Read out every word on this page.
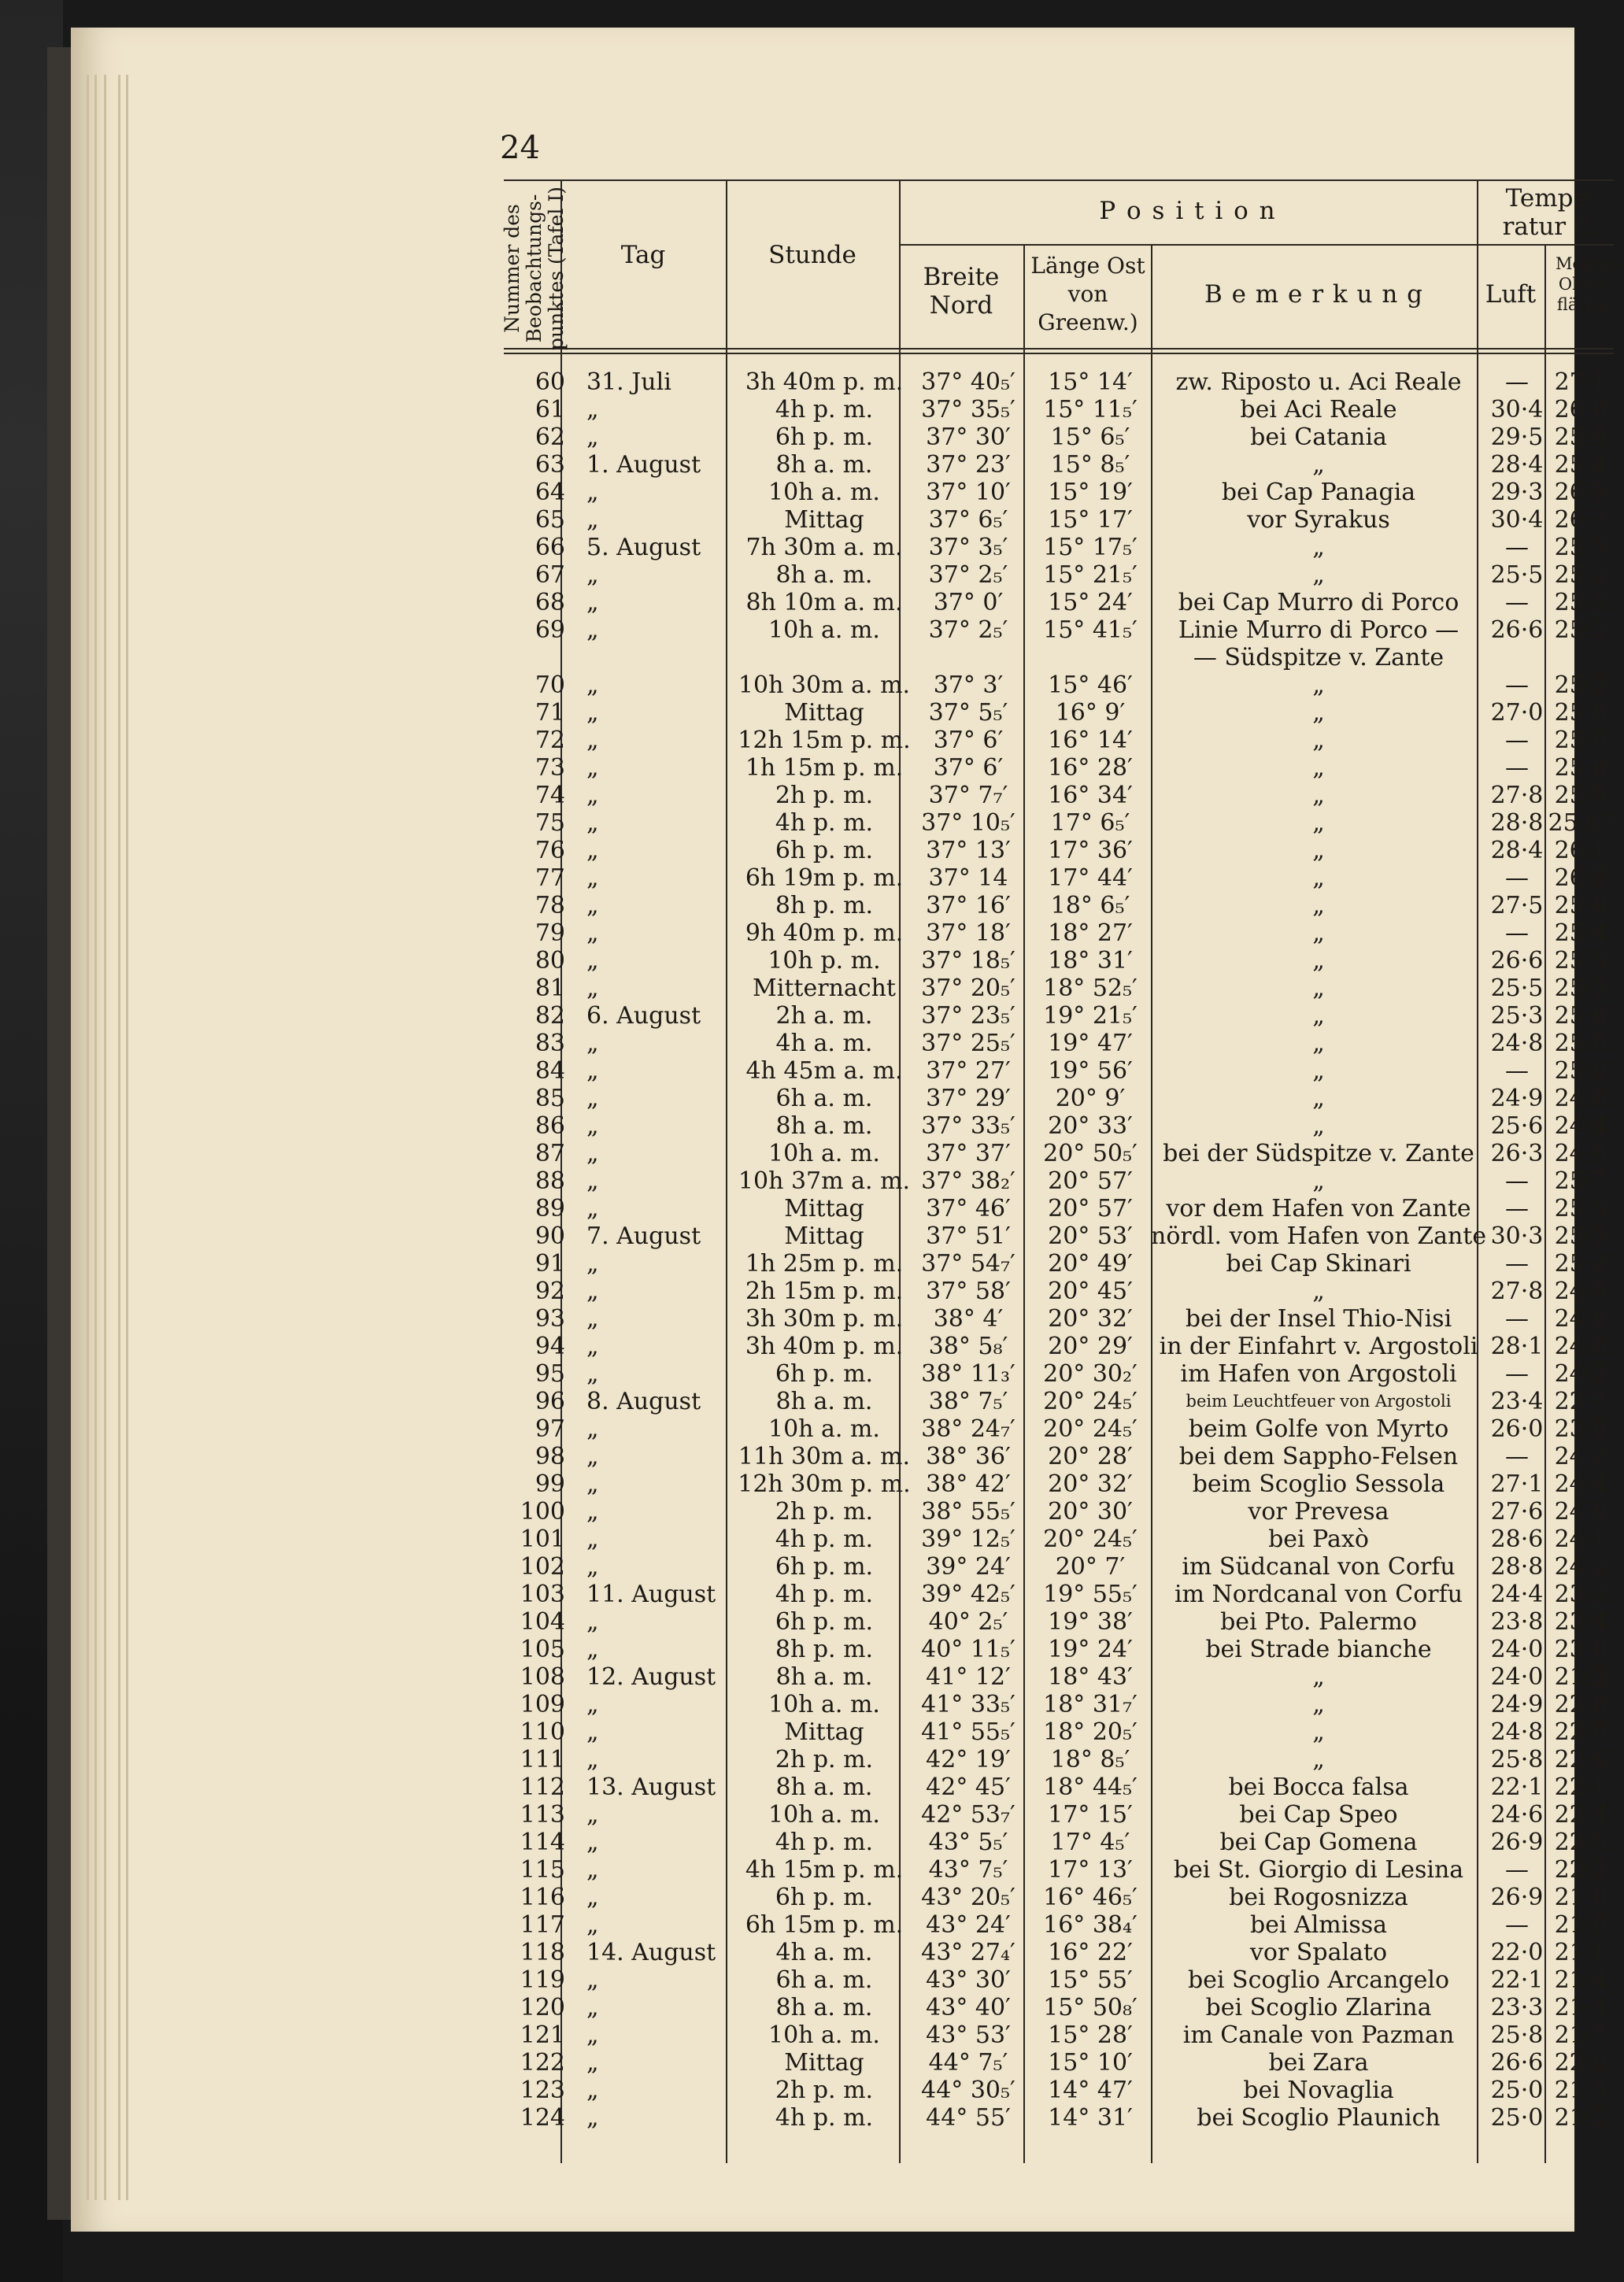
24
Nummer des Beobachtungs-punktes (Tafel I)	Tag	Stunde
P o s i t i o n
Breite Nord
Länge Ost von Greenw.)
B e m e r k u n g
Tempe-ratur C.
Luft
Meeres-Ober-fläche
60 31. Juli	3h 40m p. m. 37° 40₅′	15° 14′	zw. Riposto u. Aci Reale	—	27·1
61 „	4h p. m.	37° 35₅′	15° 11₅′	bei Aci Reale	30·4 26·8
62 „	6h p. m.	37° 30′	15° 6₅′	bei Catania	29·5 25·9
63 1. August	8h a. m.	37° 23′	15° 8₅′	„	28·4 25·4
64 „	10h a. m.	37° 10′	15° 19′	bei Cap Panagia	29·3 26·5
65 „	Mittag	37° 6₅′	15° 17′	vor Syrakus	30·4 26·7
66 5. August	7h 30m a. m.	37° 3₅′	15° 17₅′	„	—	25·3
67 „	8h a. m.	37° 2₅′	15° 21₅′	„	25·5 25·3
68 „	8h 10m a. m.	37° 0′	15° 24′	bei Cap Murro di Porco	—	25·2
69 „	10h a. m.	37° 2₅′	15° 41₅′	Linie Murro di Porco —	26·6 25·3
— Südspitze v. Zante
70 „	10h 30m a. m. 37° 3′	15° 46′	„	—	25·3
71 „	Mittag	37° 5₅′	16° 9′	„	27·0 25·6
72 „	12h 15m p. m. 37° 6′	16° 14′	„	—	25·6
73 „	1h 15m p. m.	37° 6′	16° 28′	„	—	25·8
74 „	2h p. m.	37° 7₇′	16° 34′	„	27·8 25·9
75 „	4h p. m.	37° 10₅′	17° 6₅′	„	28·8 25·6?
76 „	6h p. m.	37° 13′	17° 36′	„	28·4 26·1
77 „	6h 19m p. m.	37° 14	17° 44′	„	—	26·5
78 „	8h p. m.	37° 16′	18° 6₅′	„	27·5 25·9
79 „	9h 40m p. m. 37° 18′	18° 27′	„	—	25·4
80 „	10h p. m.	37° 18₅′	18° 31′	„	26·6 25·3
81 „	Mitternacht	37° 20₅′	18° 52₅′	„	25·5 25·3
82 6. August	2h a. m.	37° 23₅′	19° 21₅′	„	25·3 25·6
83 „	4h a. m.	37° 25₅′	19° 47′	„	24·8 25·0
84 „	4h 45m a. m. 37° 27′	19° 56′	„	—	25·0
85 „	6h a. m.	37° 29′	20° 9′	„	24·9 24·8
86 „	8h a. m.	37° 33₅′	20° 33′	„	25·6 24·4
87 „	10h a. m.	37° 37′	20° 50₅′	bei der Südspitze v. Zante 26·3 24·5
88 „	10h 37m a. m. 37° 38₂′	20° 57′	„	—	25·7
89 „	Mittag	37° 46′	20° 57′	vor dem Hafen von Zante	—	25·3
90 7. August	Mittag	37° 51′	20° 53′ nördl. vom Hafen von Zante 30·3 25·3
91 „	1h 25m p. m. 37° 54₇′	20° 49′	bei Cap Skinari	—	25·2
92 „	2h 15m p. m. 37° 58′	20° 45′	„	27·8 24·9
93 „	3h 30m p. m.	38° 4′	20° 32′	bei der Insel Thio-Nisi	—	24·6
94 „	3h 40m p. m.	38° 5₈′	20° 29′	in der Einfahrt v. Argostoli 28·1 24·8
95 „	6h p. m.	38° 11₃′	20° 30₂′	im Hafen von Argostoli	—	24·3
96 8. August	8h a. m.	38° 7₅′	20° 24₅′	beim Leuchtfeuer von Argostoli	23·4 22·7
97 „	10h a. m.	38° 24₇′	20° 24₅′	beim Golfe von Myrto	26·0 23·6
98 „	11h 30m a. m. 38° 36′	20° 28′	bei dem Sappho-Felsen	—	24·2
99 „	12h 30m p. m. 38° 42′	20° 32′	beim Scoglio Sessola	27·1 24·4
100 „	2h p. m.	38° 55₅′	20° 30′	vor Prevesa	27·6 24·0
101 „	4h p. m.	39° 12₅′	20° 24₅′	bei Paxò	28·6 24·1
102 „	6h p. m.	39° 24′	20° 7′	im Südcanal von Corfu	28·8 24·2
103 11. August	4h p. m.	39° 42₅′	19° 55₅′	im Nordcanal von Corfu	24·4 23·2
104 „	6h p. m.	40° 2₅′	19° 38′	bei Pto. Palermo	23·8 23·4
105 „	8h p. m.	40° 11₅′	19° 24′	bei Strade bianche	24·0 23·0
108 12. August	8h a. m.	41° 12′	18° 43′	„	24·0 21·2
109 „	10h a. m.	41° 33₅′	18° 31₇′	„	24·9 22·8
110 „	Mittag	41° 55₅′	18° 20₅′	„	24·8 22·0
111 „	2h p. m.	42° 19′	18° 8₅′	„	25·8 22·5
112 13. August	8h a. m.	42° 45′	18° 44₅′	bei Bocca falsa	22·1 22·1
113 „	10h a. m.	42° 53₇′	17° 15′	bei Cap Speo	24·6 22·4
114 „	4h p. m.	43° 5₅′	17° 4₅′	bei Cap Gomena	26·9 22·5
115 „	4h 15m p. m.	43° 7₅′	17° 13′	bei St. Giorgio di Lesina	—	22·3
116 „	6h p. m.	43° 20₅′	16° 46₅′	bei Rogosnizza	26·9 21·0
117 „	6h 15m p. m. 43° 24′	16° 38₄′	bei Almissa	—	21·0
118 14. August	4h a. m.	43° 27₄′	16° 22′	vor Spalato	22·0 21·1
119 „	6h a. m.	43° 30′	15° 55′	bei Scoglio Arcangelo	22·1 21·4
120 „	8h a. m.	43° 40′	15° 50₈′	bei Scoglio Zlarina	23·3 21·4
121 „	10h a. m.	43° 53′	15° 28′	im Canale von Pazman	25·8 21·7
122 „	Mittag	44° 7₅′	15° 10′	bei Zara	26·6 22·0
123 „	2h p. m.	44° 30₅′	14° 47′	bei Novaglia	25·0 21·3
124 „	4h p. m.	44° 55′	14° 31′	bei Scoglio Plaunich	25·0 21·2
